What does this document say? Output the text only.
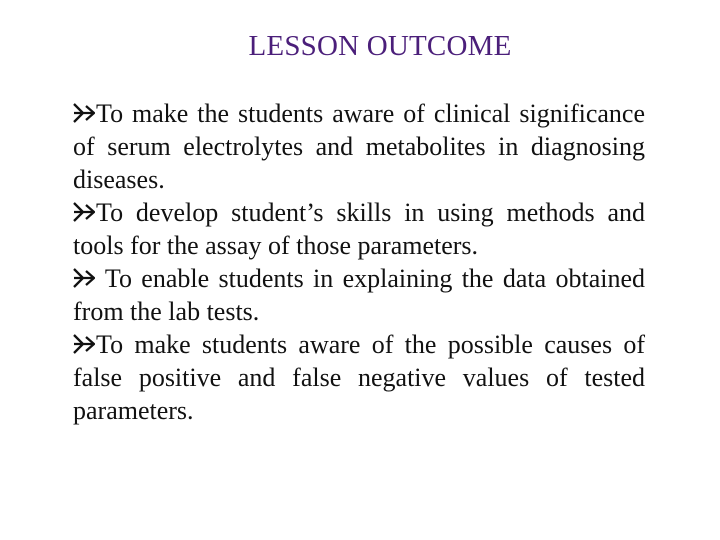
LESSON OUTCOME
To make the students aware of clinical significance of serum electrolytes and metabolites in diagnosing diseases.
To develop student’s skills in using methods and tools for the assay of those parameters.
To enable students in explaining the data obtained from the lab tests.
To make students aware of the possible causes of false positive and false negative values of tested parameters.
